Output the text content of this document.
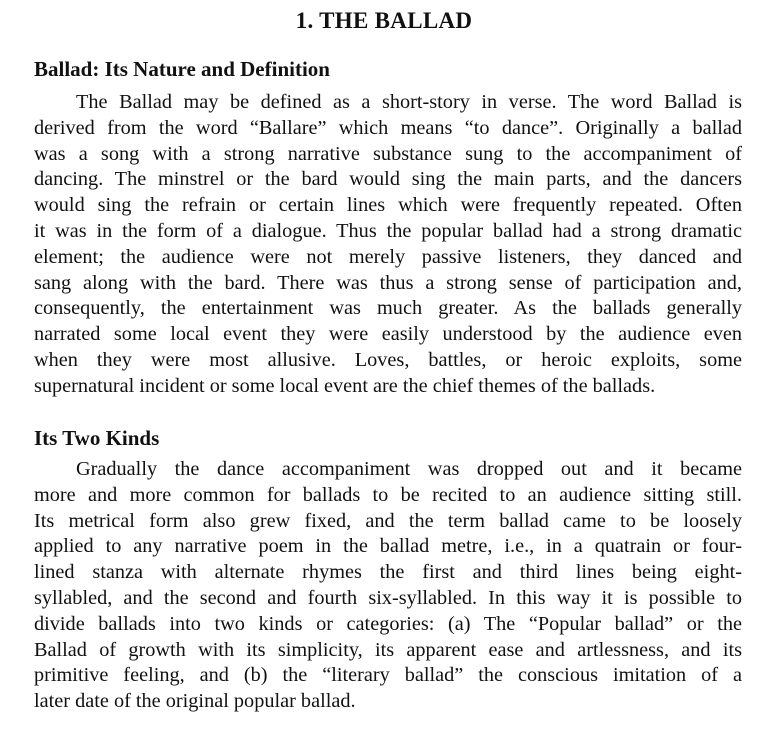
1. THE BALLAD
Ballad: Its Nature and Definition
The Ballad may be defined as a short-story in verse. The word Ballad is
derived from the word “Ballare” which means “to dance”. Originally a ballad
was a song with a strong narrative substance sung to the accompaniment of
dancing. The minstrel or the bard would sing the main parts, and the dancers
would sing the refrain or certain lines which were frequently repeated. Often
it was in the form of a dialogue. Thus the popular ballad had a strong dramatic
element; the audience were not merely passive listeners, they danced and
sang along with the bard. There was thus a strong sense of participation and,
consequently, the entertainment was much greater. As the ballads generally
narrated some local event they were easily understood by the audience even
when they were most allusive. Loves, battles, or heroic exploits, some
supernatural incident or some local event are the chief themes of the ballads.
Its Two Kinds
Gradually the dance accompaniment was dropped out and it became
more and more common for ballads to be recited to an audience sitting still.
Its metrical form also grew fixed, and the term ballad came to be loosely
applied to any narrative poem in the ballad metre, i.e., in a quatrain or four-
lined stanza with alternate rhymes the first and third lines being eight-
syllabled, and the second and fourth six-syllabled. In this way it is possible to
divide ballads into two kinds or categories: (a) The “Popular ballad” or the
Ballad of growth with its simplicity, its apparent ease and artlessness, and its
primitive feeling, and (b) the “literary ballad” the conscious imitation of a
later date of the original popular ballad.
